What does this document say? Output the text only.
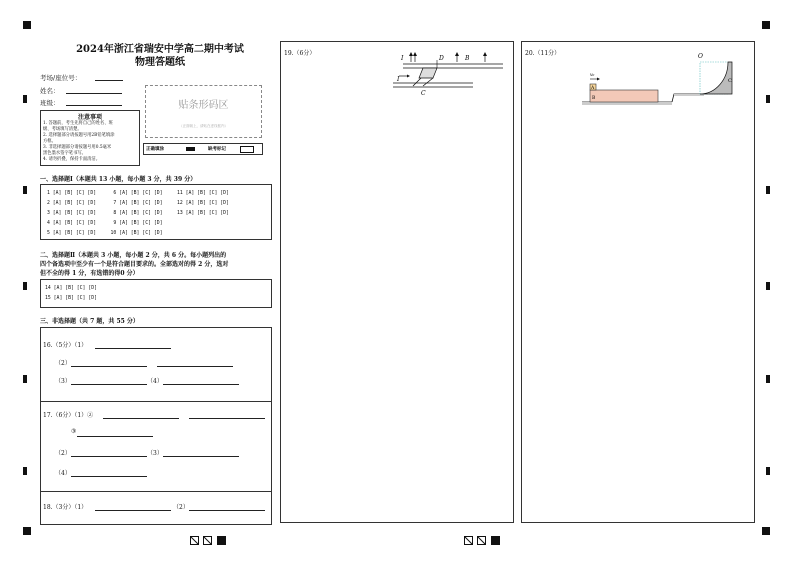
2024年浙江省瑞安中学高二期中考试
物理答题纸
考场/座位号：
姓名：
班级：	贴条形码区
（正面朝上，请贴在虚线框内）
注意事项
1. 答题前，考生先将自己的姓名、班
级、考场填写清楚。
2. 选择题部分请按题号用2B铅笔填涂
方框。
3. 非选择题部分请按题号用0.5毫米
黑色墨水签字笔书写。
4. 请勿折叠，保持卡面清洁。
正确填涂	缺考标记
一、选择题Ⅰ（本题共 13 小题，每小题 3 分，共 39 分）
1 [A] [B] [C] [D]      6 [A] [B] [C] [D]     11 [A] [B] [C] [D]
2 [A] [B] [C] [D]      7 [A] [B] [C] [D]     12 [A] [B] [C] [D]
3 [A] [B] [C] [D]      8 [A] [B] [C] [D]     13 [A] [B] [C] [D]
4 [A] [B] [C] [D]      9 [A] [B] [C] [D]
5 [A] [B] [C] [D]     10 [A] [B] [C] [D]
二、选择题Ⅱ（本题共 3 小题，每小题 2 分，共 6 分。每小题列出的
四个备选项中至少有一个是符合题目要求的。全部选对的得 2 分，选对
但不全的得 1 分，有选错的得0 分）
14 [A] [B] [C] [D]
15 [A] [B] [C] [D]
三、非选择题（共 7 题，共 55 分）
16.（5分）（1）
（2）
（3）	（4）
17.（6分）（1）②
③
（2）	（3）
（4）
18.（3分）（1）	（2）
19.（6分）
I	D	B
I
C
20.（11分）	O
v₀
A
B
C
